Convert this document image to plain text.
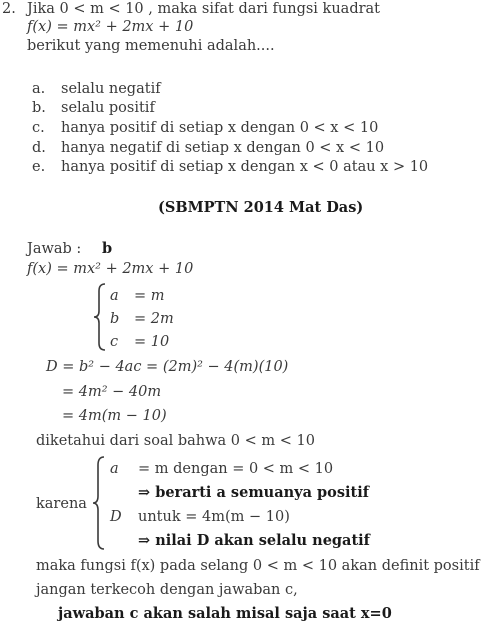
2. Jika 0 < m < 10 , maka sifat dari fungsi kuadrat
f(x) = mx² + 2mx + 10
berikut yang memenuhi adalah....
a. selalu negatif
b. selalu positif
c. hanya positif di setiap x dengan 0 < x < 10
d. hanya negatif di setiap x dengan 0 < x < 10
e. hanya positif di setiap x dengan x < 0 atau x > 10
(SBMPTN 2014 Mat Das)
Jawab : b
f(x) = mx² + 2mx + 10
a = m
b = 2m
c = 10
D = b² − 4ac = (2m)² − 4(m)(10)
= 4m² − 40m
= 4m(m − 10)
diketahui dari soal bahwa 0 < m < 10
karena
a = m dengan = 0 < m < 10
⇒ berarti a semuanya positif
D untuk = 4m(m − 10)
⇒ nilai D akan selalu negatif
maka fungsi f(x) pada selang 0 < m < 10 akan definit positif
jangan terkecoh dengan jawaban c,
jawaban c akan salah misal saja saat x=0
